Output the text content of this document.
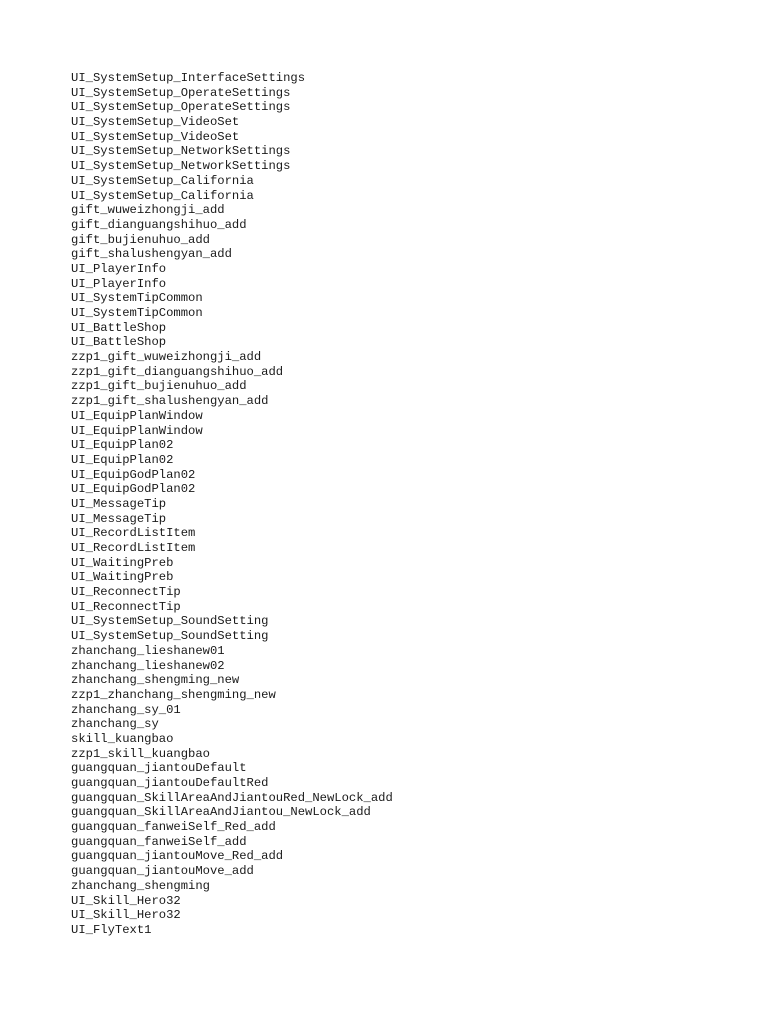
UI_SystemSetup_InterfaceSettings
UI_SystemSetup_OperateSettings
UI_SystemSetup_OperateSettings
UI_SystemSetup_VideoSet
UI_SystemSetup_VideoSet
UI_SystemSetup_NetworkSettings
UI_SystemSetup_NetworkSettings
UI_SystemSetup_California
UI_SystemSetup_California
gift_wuweizhongji_add
gift_dianguangshihuo_add
gift_bujienuhuo_add
gift_shalushengyan_add
UI_PlayerInfo
UI_PlayerInfo
UI_SystemTipCommon
UI_SystemTipCommon
UI_BattleShop
UI_BattleShop
zzp1_gift_wuweizhongji_add
zzp1_gift_dianguangshihuo_add
zzp1_gift_bujienuhuo_add
zzp1_gift_shalushengyan_add
UI_EquipPlanWindow
UI_EquipPlanWindow
UI_EquipPlan02
UI_EquipPlan02
UI_EquipGodPlan02
UI_EquipGodPlan02
UI_MessageTip
UI_MessageTip
UI_RecordListItem
UI_RecordListItem
UI_WaitingPreb
UI_WaitingPreb
UI_ReconnectTip
UI_ReconnectTip
UI_SystemSetup_SoundSetting
UI_SystemSetup_SoundSetting
zhanchang_lieshanew01
zhanchang_lieshanew02
zhanchang_shengming_new
zzp1_zhanchang_shengming_new
zhanchang_sy_01
zhanchang_sy
skill_kuangbao
zzp1_skill_kuangbao
guangquan_jiantouDefault
guangquan_jiantouDefaultRed
guangquan_SkillAreaAndJiantouRed_NewLock_add
guangquan_SkillAreaAndJiantou_NewLock_add
guangquan_fanweiSelf_Red_add
guangquan_fanweiSelf_add
guangquan_jiantouMove_Red_add
guangquan_jiantouMove_add
zhanchang_shengming
UI_Skill_Hero32
UI_Skill_Hero32
UI_FlyText1
